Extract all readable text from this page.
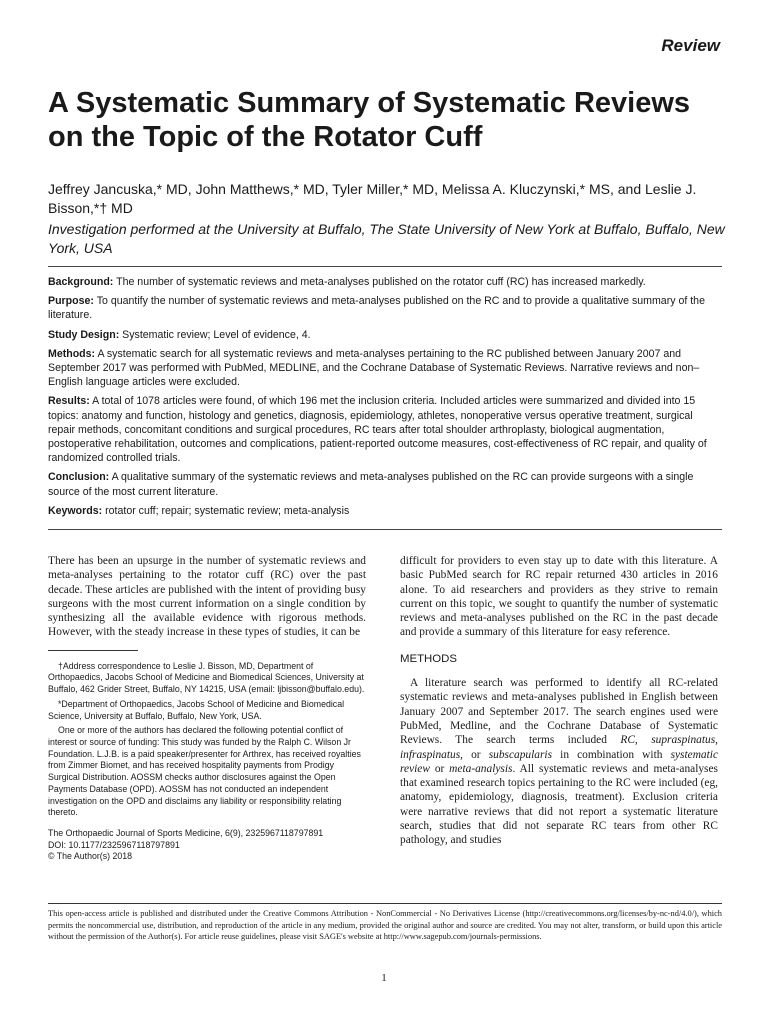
Review
A Systematic Summary of Systematic Reviews on the Topic of the Rotator Cuff
Jeffrey Jancuska,* MD, John Matthews,* MD, Tyler Miller,* MD, Melissa A. Kluczynski,* MS, and Leslie J. Bisson,*† MD
Investigation performed at the University at Buffalo, The State University of New York at Buffalo, Buffalo, New York, USA

Background: The number of systematic reviews and meta-analyses published on the rotator cuff (RC) has increased markedly.

Purpose: To quantify the number of systematic reviews and meta-analyses published on the RC and to provide a qualitative summary of the literature.

Study Design: Systematic review; Level of evidence, 4.

Methods: A systematic search for all systematic reviews and meta-analyses pertaining to the RC published between January 2007 and September 2017 was performed with PubMed, MEDLINE, and the Cochrane Database of Systematic Reviews. Narrative reviews and non–English language articles were excluded.

Results: A total of 1078 articles were found, of which 196 met the inclusion criteria. Included articles were summarized and divided into 15 topics: anatomy and function, histology and genetics, diagnosis, epidemiology, athletes, nonoperative versus operative treatment, surgical repair methods, concomitant conditions and surgical procedures, RC tears after total shoulder arthroplasty, biological augmentation, postoperative rehabilitation, outcomes and complications, patient-reported outcome measures, cost-effectiveness of RC repair, and quality of randomized controlled trials.

Conclusion: A qualitative summary of the systematic reviews and meta-analyses published on the RC can provide surgeons with a single source of the most current literature.

Keywords: rotator cuff; repair; systematic review; meta-analysis

There has been an upsurge in the number of systematic reviews and meta-analyses pertaining to the rotator cuff (RC) over the past decade. These articles are published with the intent of providing busy surgeons with the most current information on a single condition by synthesizing all the available evidence with rigorous methods. However, with the steady increase in these types of studies, it can be

†Address correspondence to Leslie J. Bisson, MD, Department of Orthopaedics, Jacobs School of Medicine and Biomedical Sciences, University at Buffalo, 462 Grider Street, Buffalo, NY 14215, USA (email: ljbisson@buffalo.edu).

*Department of Orthopaedics, Jacobs School of Medicine and Biomedical Science, University at Buffalo, Buffalo, New York, USA.

One or more of the authors has declared the following potential conflict of interest or source of funding: This study was funded by the Ralph C. Wilson Jr Foundation. L.J.B. is a paid speaker/presenter for Arthrex, has received royalties from Zimmer Biomet, and has received hospitality payments from Prodigy Surgical Distribution. AOSSM checks author disclosures against the Open Payments Database (OPD). AOSSM has not conducted an independent investigation on the OPD and disclaims any liability or responsibility relating thereto.

The Orthopaedic Journal of Sports Medicine, 6(9), 2325967118797891

DOI: 10.1177/2325967118797891

© The Author(s) 2018

difficult for providers to even stay up to date with this literature. A basic PubMed search for RC repair returned 430 articles in 2016 alone. To aid researchers and providers as they strive to remain current on this topic, we sought to quantify the number of systematic reviews and meta-analyses published on the RC in the past decade and provide a summary of this literature for easy reference.

METHODS

A literature search was performed to identify all RC-related systematic reviews and meta-analyses published in English between January 2007 and September 2017. The search engines used were PubMed, Medline, and the Cochrane Database of Systematic Reviews. The search terms included RC, supraspinatus, infraspinatus, or subscapularis in combination with systematic review or meta-analysis. All systematic reviews and meta-analyses that examined research topics pertaining to the RC were included (eg, anatomy, epidemiology, diagnosis, treatment). Exclusion criteria were narrative reviews that did not report a systematic literature search, studies that did not separate RC tears from other RC pathology, and studies

This open-access article is published and distributed under the Creative Commons Attribution - NonCommercial - No Derivatives License (http://creativecommons.org/licenses/by-nc-nd/4.0/), which permits the noncommercial use, distribution, and reproduction of the article in any medium, provided the original author and source are credited. You may not alter, transform, or build upon this article without the permission of the Author(s). For article reuse guidelines, please visit SAGE's website at http://www.sagepub.com/journals-permissions.
1
